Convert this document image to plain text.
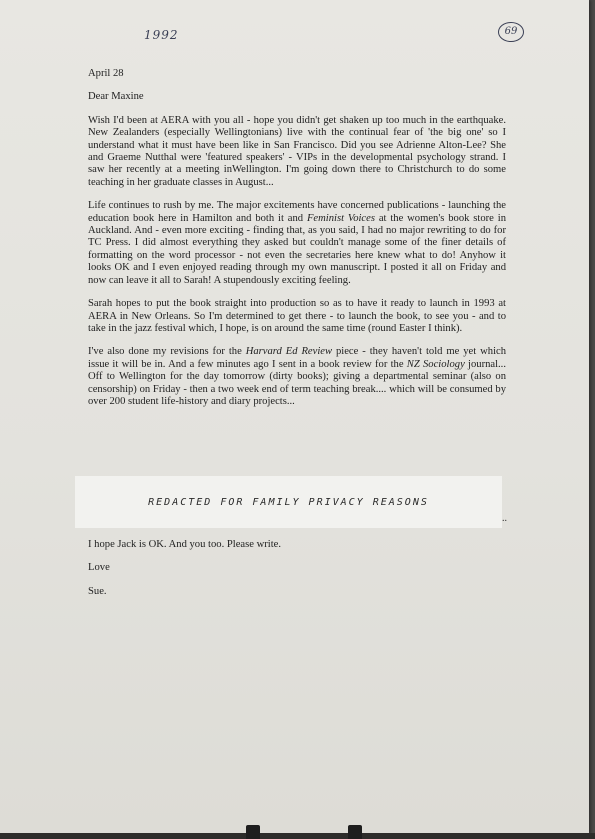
1992	69

April 28

Dear Maxine

Wish I'd been at AERA with you all - hope you didn't get shaken up too much in the earthquake. New Zealanders (especially Wellingtonians) live with the continual fear of 'the big one' so I understand what it must have been like in San Francisco. Did you see Adrienne Alton-Lee? She and Graeme Nutthal were 'featured speakers' - VIPs in the developmental psychology strand. I saw her recently at a meeting inWellington. I'm going down there to Christchurch to do some teaching in her graduate classes in August...

Life continues to rush by me. The major excitements have concerned publications - launching the education book here in Hamilton and both it and Feminist Voices at the women's book store in Auckland. And - even more exciting - finding that, as you said, I had no major rewriting to do for TC Press. I did almost everything they asked but couldn't manage some of the finer details of formatting on the word processor - not even the secretaries here knew what to do! Anyhow it looks OK and I even enjoyed reading through my own manuscript. I posted it all on Friday and now can leave it all to Sarah! A stupendously exciting feeling.

Sarah hopes to put the book straight into production so as to have it ready to launch in 1993 at AERA in New Orleans. So I'm determined to get there - to launch the book, to see you - and to take in the jazz festival which, I hope, is on around the same time (round Easter I think).

I've also done my revisions for the Harvard Ed Review piece - they haven't told me yet which issue it will be in. And a few minutes ago I sent in a book review for the NZ Sociology journal... Off to Wellington for the day tomorrow (dirty books); giving a departmental seminar (also on censorship) on Friday - then a two week end of term teaching break.... which will be consumed by over 200 student life-history and diary projects...

REDACTED FOR FAMILY PRIVACY REASONS
..

I hope Jack is OK. And you too. Please write.

Love

Sue.
